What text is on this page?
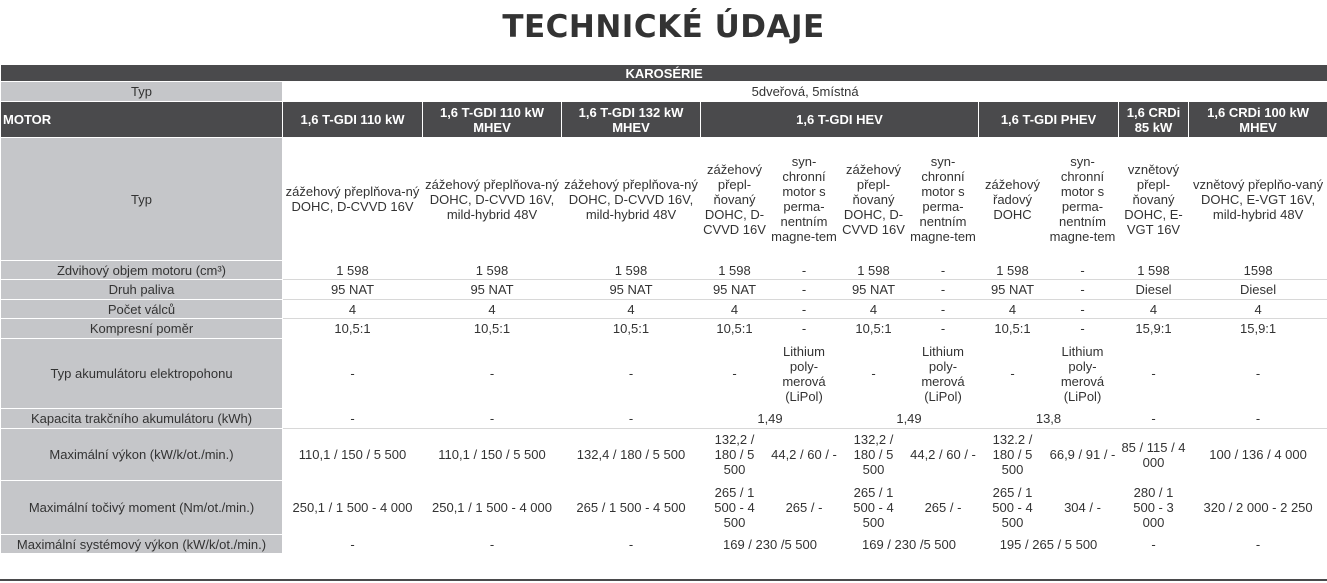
TECHNICKÉ ÚDAJE
KAROSÉRIE											
Typ	5dveřová, 5místná										
MOTOR	1,6 T-GDI 110 kW	1,6 T-GDI 110 kW MHEV	1,6 T-GDI 132 kW MHEV	1,6 T-GDI HEV				1,6 T-GDI PHEV		1,6 CRDi 85 kW	1,6 CRDi 100 kW MHEV
Typ	zážehový přeplňova-ný DOHC, D-CVVD 16V	zážehový přeplňova-ný DOHC, D-CVVD 16V, mild-hybrid 48V	zážehový přeplňova-ný DOHC, D-CVVD 16V, mild-hybrid 48V	zážehový přepl-ňovaný DOHC, D-CVVD 16V	syn-chronní motor s perma-nentním magne-tem	zážehový přepl-ňovaný DOHC, D-CVVD 16V	syn-chronní motor s perma-nentním magne-tem	zážehový řadový DOHC	syn-chronní motor s perma-nentním magne-tem	vznětový přepl-ňovaný DOHC, E-VGT 16V	vznětový přeplňo-vaný DOHC, E-VGT 16V, mild-hybrid 48V
Zdvihový objem motoru (cm³)	1 598	1 598	1 598	1 598	-	1 598	-	1 598	-	1 598	1598
Druh paliva	95 NAT	95 NAT	95 NAT	95 NAT	-	95 NAT	-	95 NAT	-	Diesel	Diesel
Počet válců	4	4	4	4	-	4	-	4	-	4	4
Kompresní poměr	10,5:1	10,5:1	10,5:1	10,5:1	-	10,5:1	-	10,5:1	-	15,9:1	15,9:1
Typ akumulátoru elektropohonu	-	-	-	-	Lithium poly-merová (LiPol)	-	Lithium poly-merová (LiPol)	-	Lithium poly-merová (LiPol)	-	-
Kapacita trakčního akumulátoru (kWh)	-	-	-	1,49		1,49		13,8		-	-
Maximální výkon (kW/k/ot./min.)	110,1 / 150 / 5 500	110,1 / 150 / 5 500	132,4 / 180 / 5 500	132,2 / 180 / 5 500	44,2 / 60 / -	132,2 / 180 / 5 500	44,2 / 60 / -	132.2 / 180 / 5 500	66,9 / 91 / -	85 / 115 / 4 000	100 / 136 / 4 000
Maximální točivý moment (Nm/ot./min.)	250,1 / 1 500 - 4 000	250,1 / 1 500 - 4 000	265 / 1 500 - 4 500	265 / 1 500 - 4 500	265 / -	265 / 1 500 - 4 500	265 / -	265 / 1 500 - 4 500	304 / -	280 / 1 500 - 3 000	320 / 2 000 - 2 250
Maximální systémový výkon (kW/k/ot./min.)	-	-	-	169 / 230 /5 500		169 / 230 /5 500		195 / 265 / 5 500		-	-
